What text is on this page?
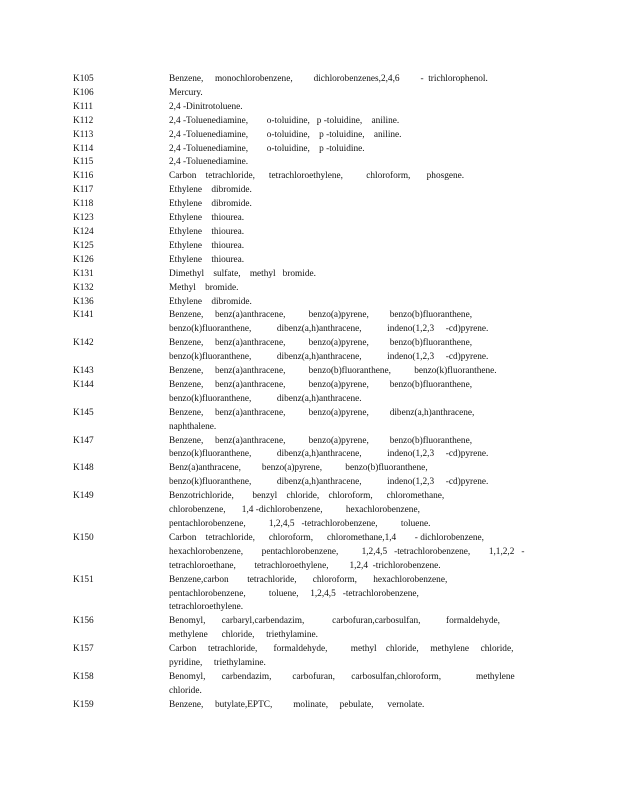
K105	Benzene,     monochlorobenzene,         dichlorobenzenes,2,4,6         -  trichlorophenol.
K106	Mercury.
K111	2,4 -Dinitrotoluene.
K112	2,4 -Toluenediamine,        o-toluidine,   p -toluidine,    aniline.
K113	2,4 -Toluenediamine,        o-toluidine,    p -toluidine,    aniline.
K114	2,4 -Toluenediamine,        o-toluidine,    p -toluidine.
K115	2,4 -Toluenediamine.
K116	Carbon    tetrachloride,      tetrachloroethylene,          chloroform,       phosgene.
K117	Ethylene    dibromide.
K118	Ethylene    dibromide.
K123	Ethylene    thiourea.
K124	Ethylene    thiourea.
K125	Ethylene    thiourea.
K126	Ethylene    thiourea.
K131	Dimethyl    sulfate,    methyl   bromide.
K132	Methyl    bromide.
K136	Ethylene    dibromide.
K141	Benzene,     benz(a)anthracene,          benzo(a)pyrene,         benzo(b)fluoranthene,
benzo(k)fluoranthene,           dibenz(a,h)anthracene,           indeno(1,2,3     -cd)pyrene.
K142	Benzene,     benz(a)anthracene,          benzo(a)pyrene,         benzo(b)fluoranthene,
benzo(k)fluoranthene,           dibenz(a,h)anthracene,           indeno(1,2,3     -cd)pyrene.
K143	Benzene,     benz(a)anthracene,          benzo(b)fluoranthene,          benzo(k)fluoranthene.
K144	Benzene,     benz(a)anthracene,          benzo(a)pyrene,         benzo(b)fluoranthene,
benzo(k)fluoranthene,           dibenz(a,h)anthracene.
K145	Benzene,     benz(a)anthracene,          benzo(a)pyrene,         dibenz(a,h)anthracene,
naphthalene.
K147	Benzene,     benz(a)anthracene,          benzo(a)pyrene,         benzo(b)fluoranthene,
benzo(k)fluoranthene,           dibenz(a,h)anthracene,           indeno(1,2,3     -cd)pyrene.
K148	Benz(a)anthracene,         benzo(a)pyrene,          benzo(b)fluoranthene,
benzo(k)fluoranthene,           dibenz(a,h)anthracene,           indeno(1,2,3     -cd)pyrene.
K149	Benzotrichloride,        benzyl    chloride,    chloroform,      chloromethane,
chlorobenzene,       1,4 -dichlorobenzene,          hexachlorobenzene,
pentachlorobenzene,          1,2,4,5   -tetrachlorobenzene,          toluene.
K150	Carbon    tetrachloride,      chloroform,      chloromethane,1,4        - dichlorobenzene,
hexachlorobenzene,        pentachlorobenzene,          1,2,4,5   -tetrachlorobenzene,        1,1,2,2   -
tetrachloroethane,        tetrachloroethylene,         1,2,4  -trichlorobenzene.
K151	Benzene,carbon        tetrachloride,       chloroform,       hexachlorobenzene,
pentachlorobenzene,          toluene,     1,2,4,5   -tetrachlorobenzene,
tetrachloroethylene.
K156	Benomyl,       carbaryl,carbendazim,            carbofuran,carbosulfan,           formaldehyde,
methylene      chloride,     triethylamine.
K157	Carbon     tetrachloride,       formaldehyde,          methyl    chloride,     methylene     chloride,
pyridine,     triethylamine.
K158	Benomyl,       carbendazim,         carbofuran,       carbosulfan,chloroform,               methylene
chloride.
K159	Benzene,     butylate,EPTC,         molinate,     pebulate,      vernolate.
